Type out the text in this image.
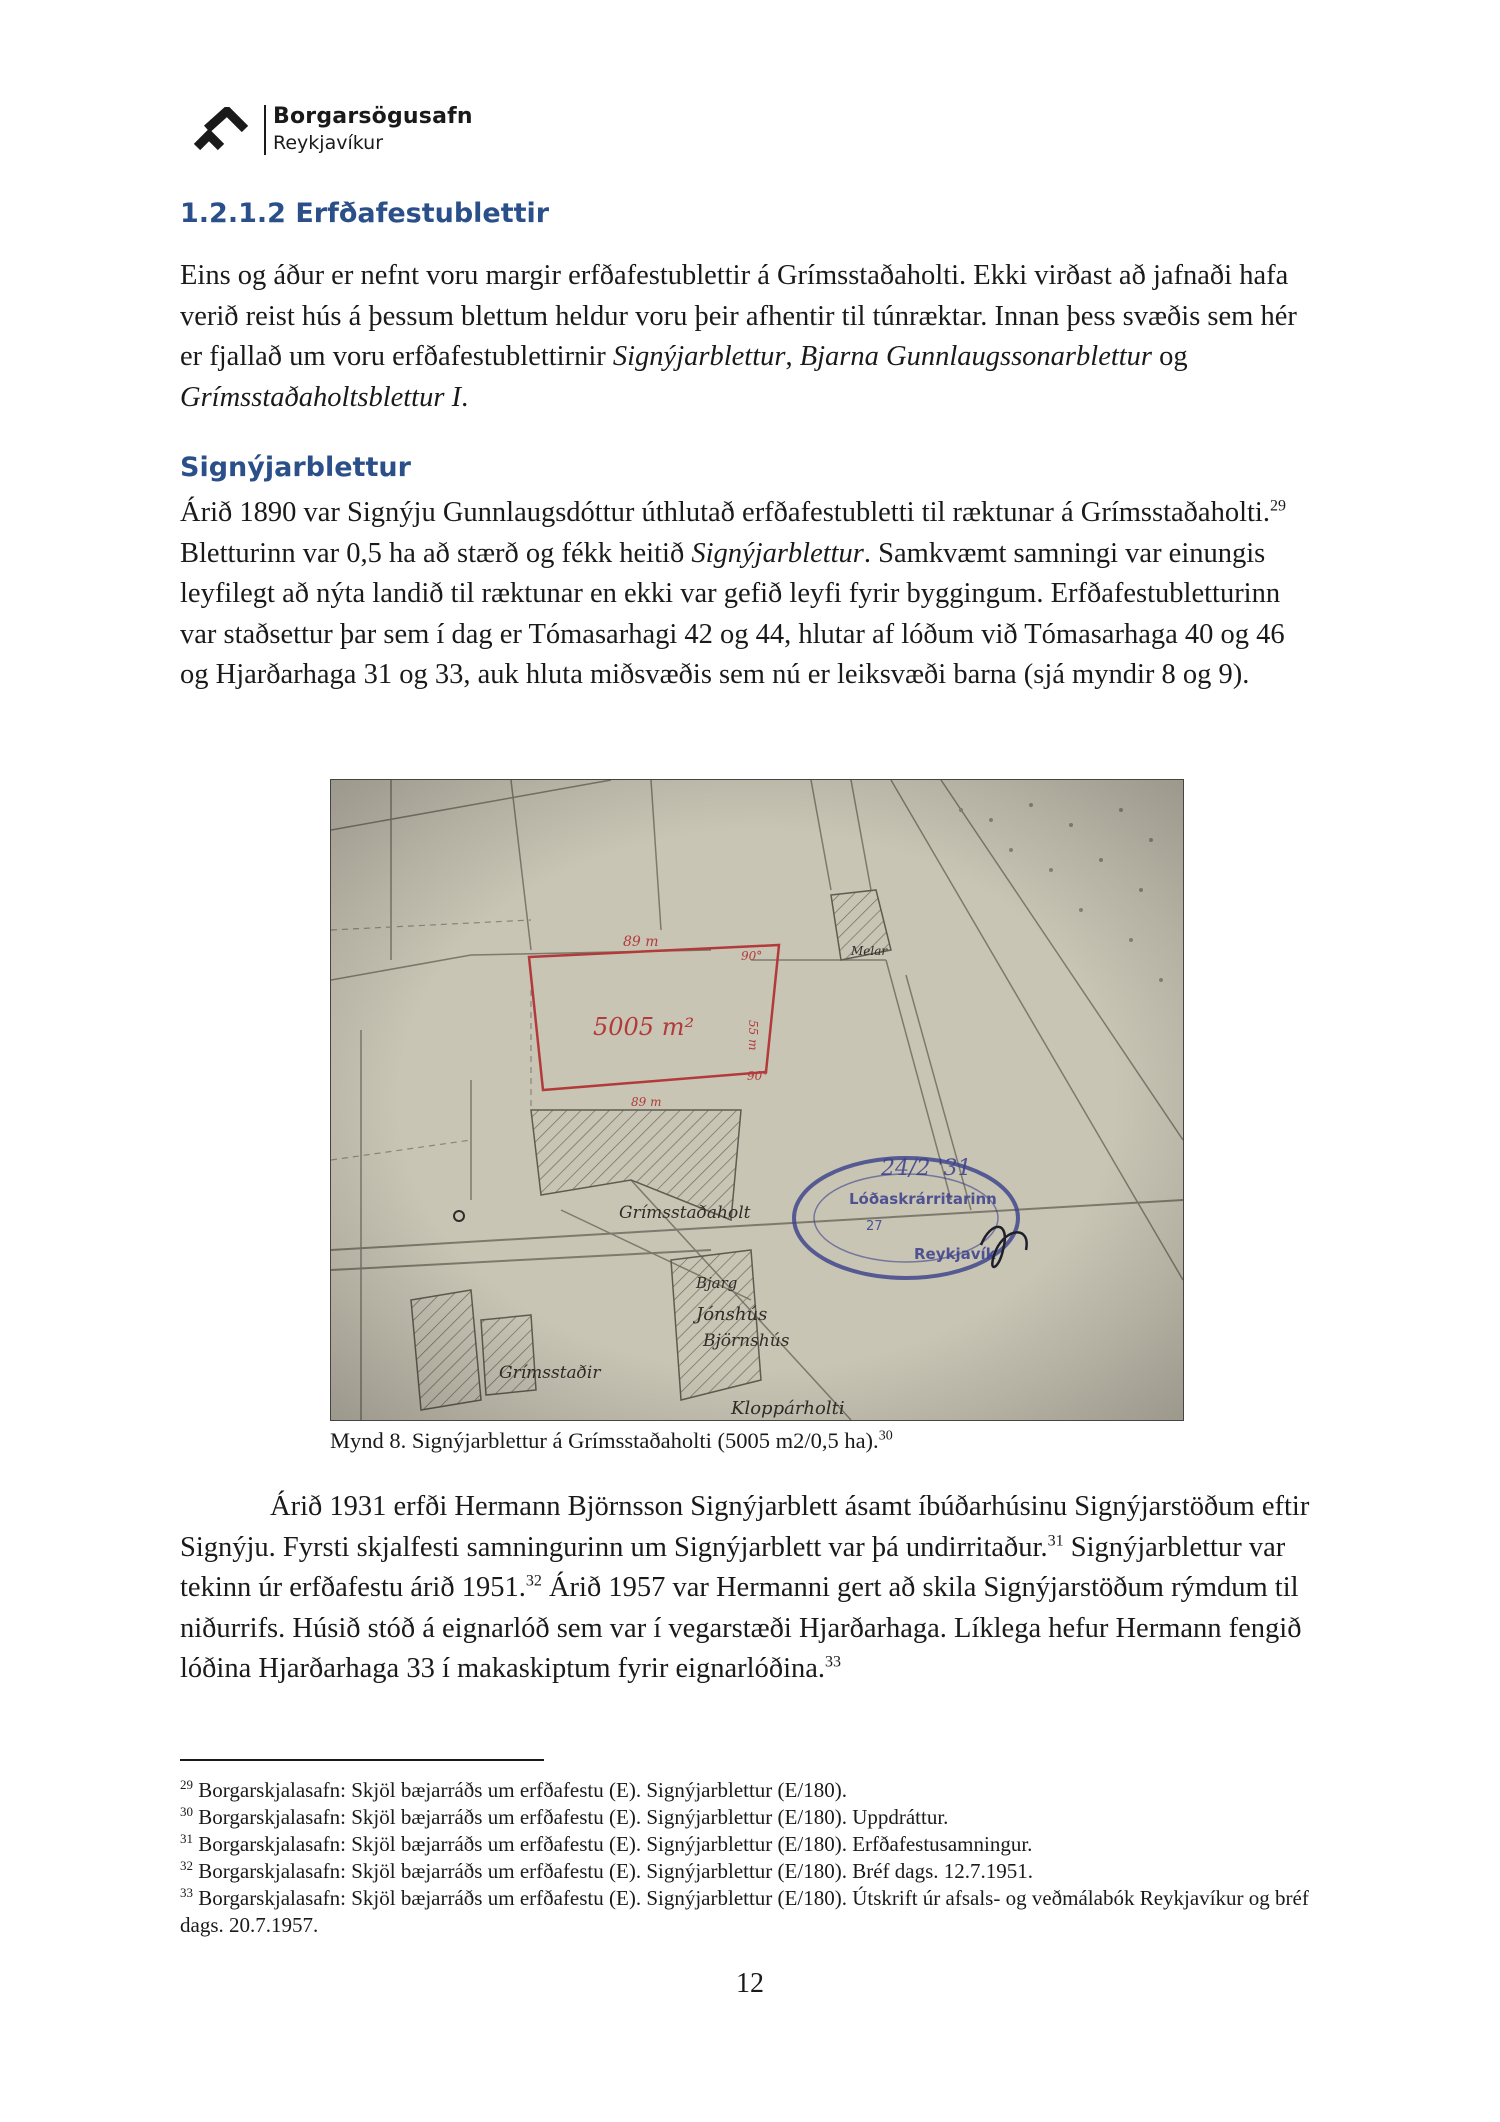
Borgarsögusafn
Reykjavíkur
1.2.1.2 Erfðafestublettir

Eins og áður er nefnt voru margir erfðafestublettir á Grímsstaðaholti. Ekki virðast að jafnaði hafa verið reist hús á þessum blettum heldur voru þeir afhentir til túnræktar. Innan þess svæðis sem hér er fjallað um voru erfðafestublettirnir Signýjarblettur, Bjarna Gunnlaugssonarblettur og Grímsstaðaholtsblettur I.

Signýjarblettur

Árið 1890 var Signýju Gunnlaugsdóttur úthlutað erfðafestubletti til ræktunar á Grímsstaðaholti.$^{29}$ Bletturinn var 0,5 ha að stærð og fékk heitið Signýjarblettur. Samkvæmt samningi var einungis leyfilegt að nýta landið til ræktunar en ekki var gefið leyfi fyrir byggingum. Erfðafestubletturinn var staðsettur þar sem í dag er Tómasarhagi 42 og 44, hlutar af lóðum við Tómasarhaga 40 og 46 og Hjarðarhaga 31 og 33, auk hluta miðsvæðis sem nú er leiksvæði barna (sjá myndir 8 og 9).

Mynd 8. Signýjarblettur á Grímsstaðaholti (5005 m2/0,5 ha).$^{30}$

Árið 1931 erfði Hermann Björnsson Signýjarblett ásamt íbúðarhúsinu Signýjarstöðum eftir Signýju. Fyrsti skjalfesti samningurinn um Signýjarblett var þá undirritaður.$^{31}$ Signýjarblettur var tekinn úr erfðafestu árið 1951.32 Árið 1957 var Hermanni gert að skila Signýjarstöðum rýmdum til niðurrifs. Húsið stóð á eignarlóð sem var í vegarstæði Hjarðarhaga. Líklega hefur Hermann fengið lóðina Hjarðarhaga 33 í makaskiptum fyrir eignarlóðina.$^{33}$

$^{29}$ Borgarskjalasafn: Skjöl bæjarráðs um erfðafestu (E). Signýjarblettur (E/180).

$^{30}$ Borgarskjalasafn: Skjöl bæjarráðs um erfðafestu (E). Signýjarblettur (E/180). Uppdráttur.

$^{31}$ Borgarskjalasafn: Skjöl bæjarráðs um erfðafestu (E). Signýjarblettur (E/180). Erfðafestusamningur.

$^{32}$ Borgarskjalasafn: Skjöl bæjarráðs um erfðafestu (E). Signýjarblettur (E/180). Bréf dags. 12.7.1951.

$^{33}$ Borgarskjalasafn: Skjöl bæjarráðs um erfðafestu (E). Signýjarblettur (E/180). Útskrift úr afsals- og veðmálabók Reykjavíkur og bréf dags. 20.7.1957.

12
